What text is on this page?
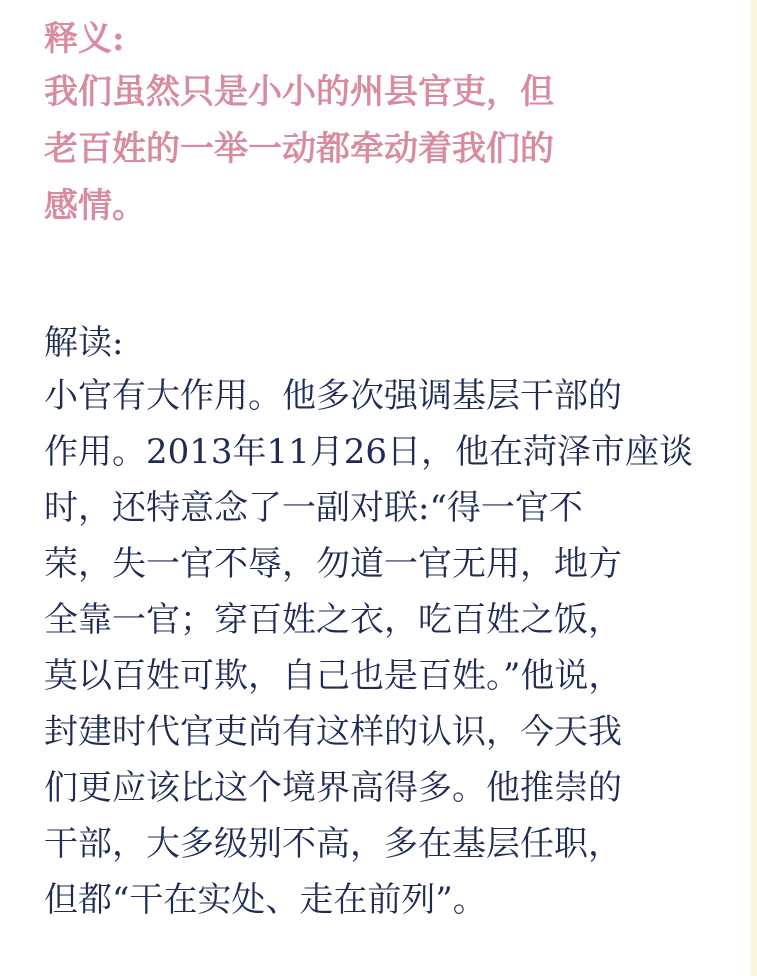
释义:

我们虽然只是小小的州县官吏，但

老百姓的一举一动都牵动着我们的

感情。

解读:

小官有大作用。他多次强调基层干部的

作用。2013年11月26日，他在菏泽市座谈

时，还特意念了一副对联:“得一官不

荣，失一官不辱，勿道一官无用，地方

全靠一官；穿百姓之衣，吃百姓之饭，

莫以百姓可欺，自己也是百姓。”他说，

封建时代官吏尚有这样的认识，今天我

们更应该比这个境界高得多。他推崇的

干部，大多级别不高，多在基层任职，

但都“干在实处、走在前列”。
